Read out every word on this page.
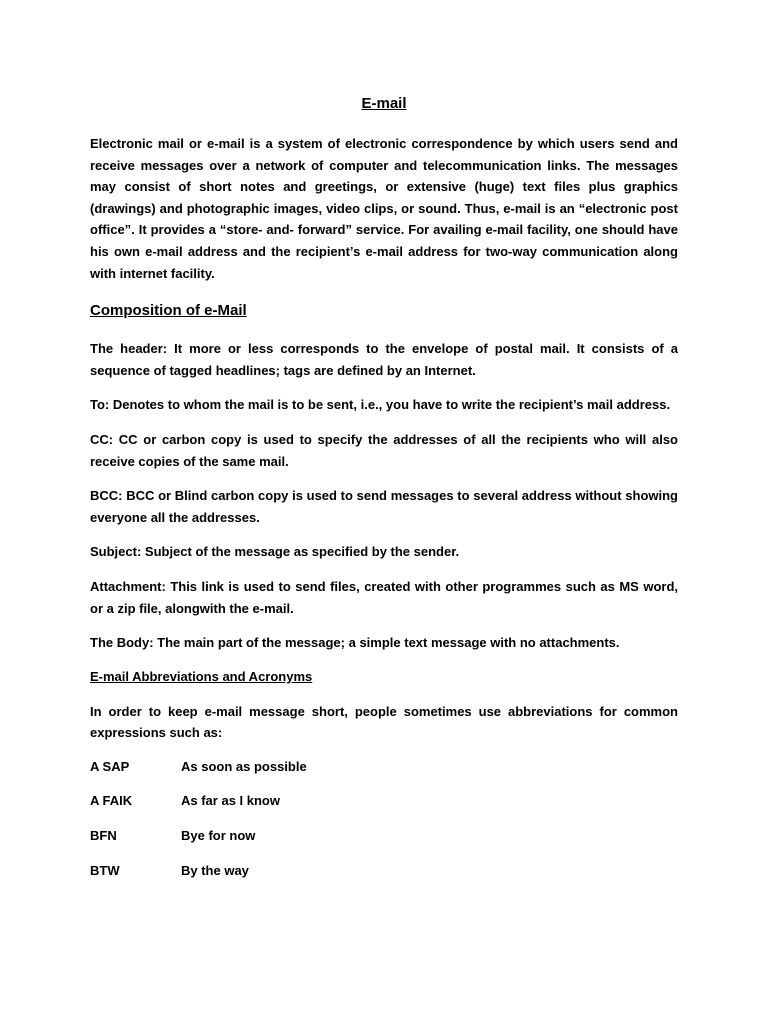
E-mail

Electronic mail or e-mail is a system of electronic correspondence by which users send and receive messages over a network of computer and telecommunication links. The messages may consist of short notes and greetings, or extensive (huge) text files plus graphics (drawings) and photographic images, video clips, or sound. Thus, e-mail is an “electronic post office”. It provides a “store- and- forward” service. For availing e-mail facility, one should have his own e-mail address and the recipient’s e-mail address for two-way communication along with internet facility.

Composition of e-Mail

The header: It more or less corresponds to the envelope of postal mail. It consists of a sequence of tagged headlines; tags are defined by an Internet.

To: Denotes to whom the mail is to be sent, i.e., you have to write the recipient’s mail address.

CC: CC or carbon copy is used to specify the addresses of all the recipients who will also receive copies of the same mail.

BCC: BCC or Blind carbon copy is used to send messages to several address without showing everyone all the addresses.

Subject: Subject of the message as specified by the sender.

Attachment: This link is used to send files, created with other programmes such as MS word, or a zip file, alongwith the e-mail.

The Body: The main part of the message; a simple text message with no attachments.

E-mail Abbreviations and Acronyms

In order to keep e-mail message short, people sometimes use abbreviations for common expressions such as:

A SAP	As soon as possible
A FAIK	As far as I know
BFN	Bye for now
BTW	By the way
